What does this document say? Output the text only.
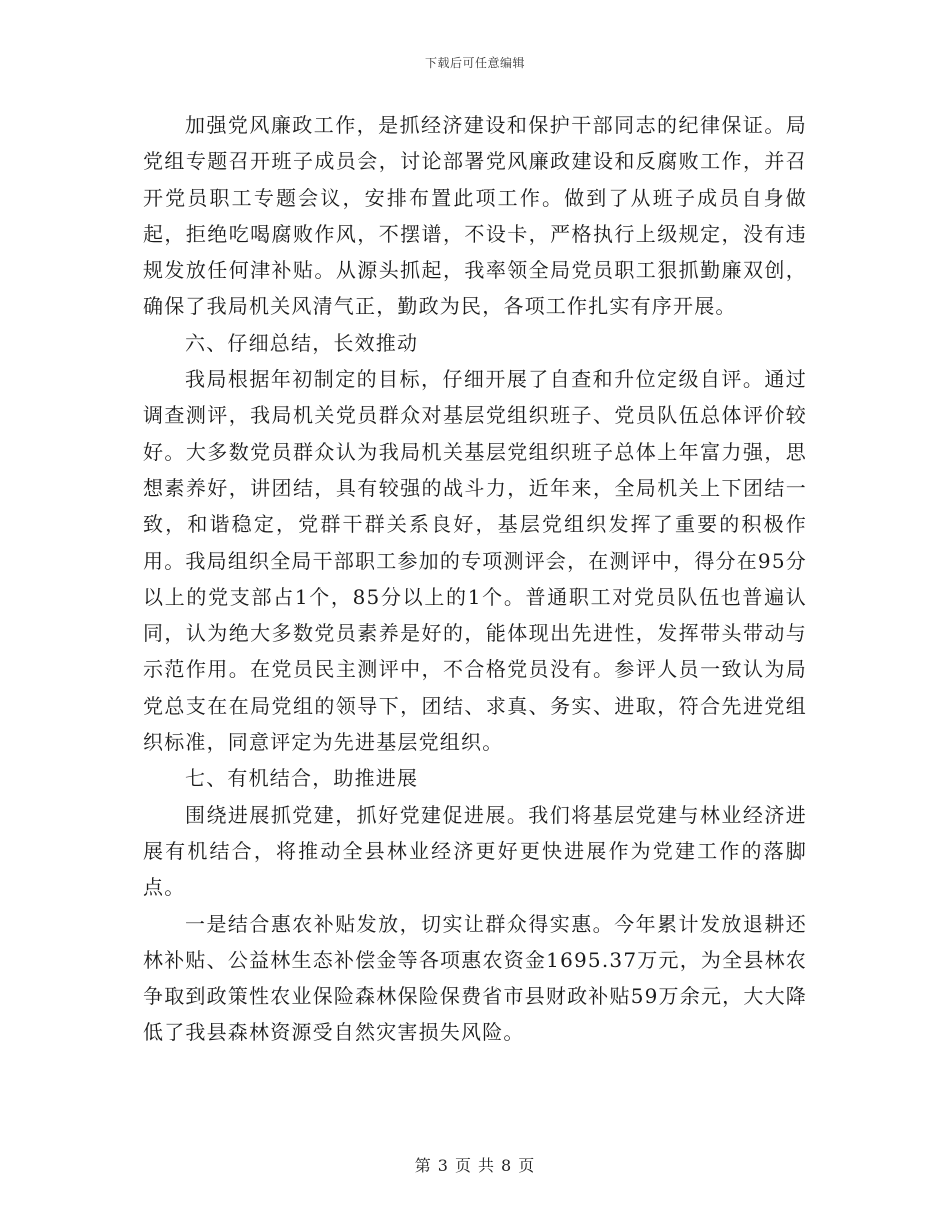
下载后可任意编辑

加强党风廉政工作，是抓经济建设和保护干部同志的纪律保证。局党组专题召开班子成员会，讨论部署党风廉政建设和反腐败工作，并召开党员职工专题会议，安排布置此项工作。做到了从班子成员自身做起，拒绝吃喝腐败作风，不摆谱，不设卡，严格执行上级规定，没有违规发放任何津补贴。从源头抓起，我率领全局党员职工狠抓勤廉双创，确保了我局机关风清气正，勤政为民，各项工作扎实有序开展。

六、仔细总结，长效推动

我局根据年初制定的目标，仔细开展了自查和升位定级自评。通过调查测评，我局机关党员群众对基层党组织班子、党员队伍总体评价较好。大多数党员群众认为我局机关基层党组织班子总体上年富力强，思想素养好，讲团结，具有较强的战斗力，近年来，全局机关上下团结一致，和谐稳定，党群干群关系良好，基层党组织发挥了重要的积极作用。我局组织全局干部职工参加的专项测评会，在测评中，得分在95分以上的党支部占1个，85分以上的1个。普通职工对党员队伍也普遍认同，认为绝大多数党员素养是好的，能体现出先进性，发挥带头带动与示范作用。在党员民主测评中，不合格党员没有。参评人员一致认为局党总支在在局党组的领导下，团结、求真、务实、进取，符合先进党组织标准，同意评定为先进基层党组织。

七、有机结合，助推进展

围绕进展抓党建，抓好党建促进展。我们将基层党建与林业经济进展有机结合，将推动全县林业经济更好更快进展作为党建工作的落脚点。

一是结合惠农补贴发放，切实让群众得实惠。今年累计发放退耕还林补贴、公益林生态补偿金等各项惠农资金1695.37万元，为全县林农争取到政策性农业保险森林保险保费省市县财政补贴59万余元，大大降低了我县森林资源受自然灾害损失风险。

第 3 页 共 8 页
